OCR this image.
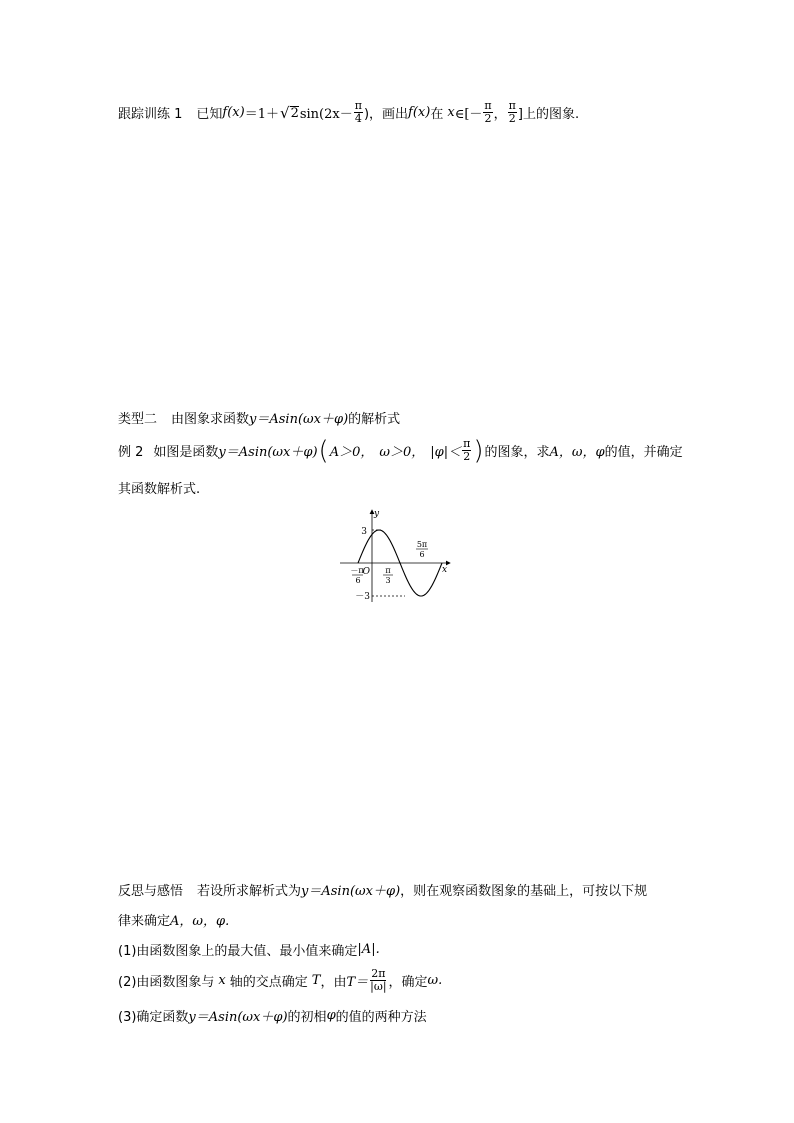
跟踪训练 1 已知 f(x) ＝1＋ √ 2 $\sin(2x- \frac{\pi}{4}$ )，画出 f(x) 在 x ∈[－ $\frac{\pi}{2}$ ， $\frac{\pi}{2}$ ]上的图象.
类型二 由图象求函数 y＝Asin(ωx＋φ) 的解析式
例 2 如图是函数 y＝Asin(ωx＋φ) ( A＞0， ω＞0， $|\varphi|< \frac{\pi}{2}$ ) 的图象，求 A，ω，φ 的值，并确定
其函数解析式.
y
x
O
3
－3
－π
6
π
3
5π
6
反思与感悟 若设所求解析式为 y＝Asin(ωx＋φ) ，则在观察函数图象的基础上，可按以下规
律来确定 A，ω，φ.
(1)由函数图象上的最大值、最小值来确定 |A|.
(2)由函数图象与 x 轴的交点确定 T ，由 $T= \frac{2\pi}{|\omega|}$ ，确定 ω.
(3)确定函数 y＝Asin(ωx＋φ) 的初相 φ 的值的两种方法
